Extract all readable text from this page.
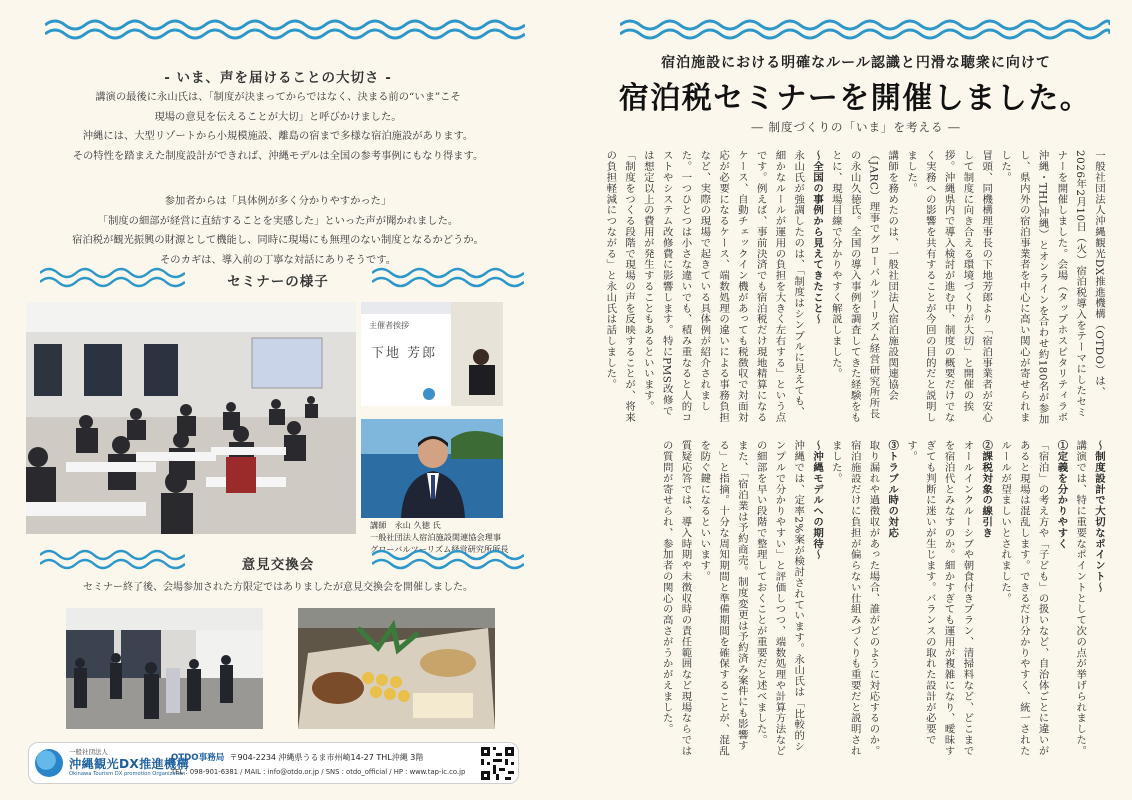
- いま、声を届けることの大切さ -
講演の最後に永山氏は、「制度が決まってからではなく、決まる前の“いま”こそ
現場の意見を伝えることが大切」と呼びかけました。
沖縄には、大型リゾートから小規模施設、離島の宿まで多様な宿泊施設があります。
その特性を踏まえた制度設計ができれば、沖縄モデルは全国の参考事例にもなり得ます。

参加者からは「具体例が多く分かりやすかった」
「制度の細部が経営に直結することを実感した」といった声が聞かれました。
宿泊税が観光振興の財源として機能し、同時に現場にも無理のない制度となるかどうか。
そのカギは、導入前の丁寧な対話にありそうです。
セミナーの様子
主催者挨拶
下地 芳郎
講師　永山 久徳 氏
一般社団法人宿泊施設関連協会理事
グローバルツーリズム経営研究所所長
意見交換会
セミナー終了後、会場参加された方限定ではありましたが意見交換会を開催しました。
一般社団法人
沖縄観光DX推進機構
Okinawa Tourism DX promotion Organization
OTDO事務局 〒904-2234 沖縄県うるま市州崎14-27 THL沖縄 3階
TEL : 098-901-6381 / MAIL : info@otdo.or.jp / SNS : otdo_official / HP : www.tap-ic.co.jp
宿泊施設における明確なルール認識と円滑な聴衆に向けて
宿泊税セミナーを開催しました。
― 制度づくりの「いま」を考える ―

一般社団法人沖縄観光DX推進機構（OTDO）は、2026年2月10日（火）宿泊税導入をテーマにしたセミナーを開催しました。会場（タップホスピタリティラボ沖縄・THL沖縄）とオンラインを合わせ約180名が参加し、県内外の宿泊事業者を中心に高い関心が寄せられました。

冒頭、同機構理事長の下地芳郎より「宿泊事業者が安心して制度に向き合える環境づくりが大切」と開催の挨拶。沖縄県内で導入検討が進む中、制度の概要だけでなく実務への影響を共有することが今回の目的だと説明しました。

講師を務めたのは、一般社団法人宿泊施設関連協会（JARC）理事でグローバルツーリズム経営研究所所長の永山久徳氏。全国の導入事例を調査してきた経験をもとに、現場目線で分かりやすく解説しました。

～全国の事例から見えてきたこと～

永山氏が強調したのは、「制度はシンプルに見えても、細かなルールが運用の負担を大きく左右する」という点です。例えば、事前決済でも宿泊税だけ現地精算になるケース、自動チェックイン機があっても税徴収で対面対応が必要になるケース、端数処理の違いによる事務負担など、実際の現場で起きている具体例が紹介されました。一つひとつは小さな違いでも、積み重なると人的コストやシステム改修費に影響します。特にPMS改修では想定以上の費用が発生することもあるといいます。

「制度をつくる段階で現場の声を反映することが、将来の負担軽減につながる」と永山氏は話しました。

～制度設計で大切なポイント～

講演では、特に重要なポイントとして次の点が挙げられました。

①定義を分かりやすく

「宿泊」の考え方や「子ども」の扱いなど、自治体ごとに違いがあると現場は混乱します。できるだけ分かりやすく、統一されたルールが望ましいとされました。

②課税対象の線引き

オールインクルーシブや朝食付きプラン、清掃料など、どこまでを宿泊代とみなすのか。細かすぎても運用が複雑になり、曖昧すぎても判断に迷いが生じます。バランスの取れた設計が必要です。

③トラブル時の対応

取り漏れや過徴収があった場合、誰がどのように対応するのか。宿泊施設だけに負担が偏らない仕組みづくりも重要だと説明されました。

～沖縄モデルへの期待～

沖縄では、定率2%案が検討されています。永山氏は「比較的シンプルで分かりやすい」と評価しつつ、端数処理や計算方法などの細部を早い段階で整理しておくことが重要だと述べました。

また、「宿泊業は予約商売。制度変更は予約済み案件にも影響する」と指摘。十分な周知期間と準備期間を確保することが、混乱を防ぐ鍵になるといいます。

質疑応答では、導入時期や未徴収時の責任範囲など現場ならではの質問が寄せられ、参加者の関心の高さがうかがえました。
